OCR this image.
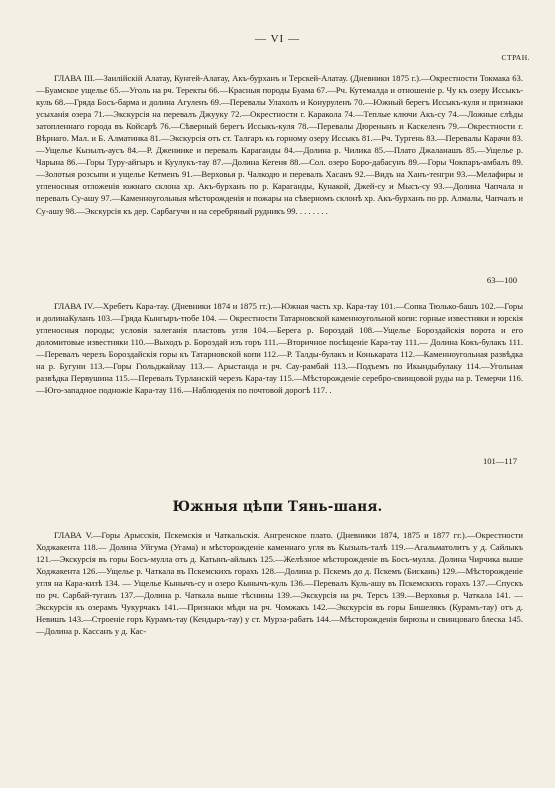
— VI —
СТРАН.
ГЛАВА III.—Заилійскій Алатау, Кунгей-Алатау, Акъ-бурханъ и Терскей-Алатау. (Дневники 1875 г.).—Окрестности Токмака 63.—Буамское ущелье 65.—Уголь на рч. Теректы 66.—Красныя породы Буама 67.—Рч. Кутемалда и отношеніе р. Чу къ озеру Иссыкъ-куль 68.—Гряда Босъ-барма и долина Агуленъ 69.—Перевалы Улахолъ и Конуруленъ 70.—Южный берегъ Иссыкъ-куля и признаки усыханія озера 71.—Экскурсія на перевалъ Джууку 72.—Окрестности г. Каракола 74.—Теплые ключи Акъ-су 74.—Ложные слѣды затопленнаго города въ Койсарѣ 76.—Сѣверный берегъ Иссыкъ-куля 78.—Перевалы Дюренынъ и Каскеленъ 79.—Окрестности г. Вѣрнаго. Мал. и Б. Алматинка 81.—Экскурсія отъ ст. Талгаръ къ горному озеру Иссыкъ 81.—Рч. Тургень 83.—Перевалы Карачи 83.—Ущелье Кызылъ-аусъ 84.—Р. Джениике и перевалъ Караганды 84.—Долина р. Чилика 85.—Плато Джаланашъ 85.—Ущелье р. Чарына 86.—Горы Туру-айгыръ и Куулукъ-тау 87.—Долина Кегеня 88.—Сол. озеро Боро-дабасунъ 89.—Горы Чокпаръ-амбалъ 89.—Золотыя розсыпи и ущелье Кетменъ 91.—Верховья р. Чалкодю и перевалъ Хасанъ 92.—Видъ на Ханъ-тенгри 93.—Мелафиры и угленосныя отложенія южнаго склона хр. Акъ-бурханъ по р. Караганды, Кунакой, Джей-су и Мысъ-су 93.—Долина Чапчала и перевалъ Су-ашу 97.—Каменноугольныя мѣсторожденія и пожары на сѣверномъ склонѣ хр. Акъ-бурханъ по рр. Алмалы, Чапчалъ и Су-ашу 98.—Экскурсія къ дер. Сарбагучи и на серебряный рудникъ 99. . . . . . . .
63—100
ГЛАВА IV.—Хребетъ Кара-тау. (Дневники 1874 и 1875 гг.).—Южная часть хр. Кара-тау 101.—Сопка Тюлько-башъ 102.—Горы и долинаКуланъ 103.—Гряда Кынгыръ-тюбе 104. — Окрестности Татарновской каменноугольной копи: горные известняки и юрскія угленосныя породы; условія залеганія пластовъ угля 104.—Берега р. Бороздай 108.—Ущелье Бороздайскія ворота и его доломитовые известняки 110.—Выходъ р. Бороздай изъ горъ 111.—Вторичное посѣщеніе Кара-тау 111.— Долина Кокъ-булакъ 111.—Перевалъ черезъ Бороздайскія горы къ Татарновской копи 112.—Р. Талды-булакъ и Конькарата 112.—Каменноугольная развѣдка на р. Бугуни 113.—Горы Гюльджайлау 113.— Арыстанда и рч. Сау-рамбай 113.—Подъемъ по Икындыбулаку 114.—Угольная развѣдка Первушина 115.—Перевалъ Турланскій черезъ Кара-тау 115.—Мѣсторожденіе серебро-свинцовой руды на р. Темерчи 116.—Юго-западное подножіе Кара-тау 116.—Наблюденія по почтовой дорогѣ 117. .
101—117
Южныя цѣпи Тянь-шаня.
ГЛАВА V.—Горы Арысскія, Пскемскія и Чаткальскія. Ангренское плато. (Дневники 1874, 1875 и 1877 гг.).—Окрестности Ходжакента 118.— Долина Уйгума (Угама) и мѣсторожденіе каменнаго угля въ Кызылъ-талѣ 119.—Агальматолитъ у д. Сайлыкъ 121.—Экскурсія въ горы Босъ-мулла отъ д. Катынъ-айлыкъ 125.—Желѣзное мѣсторожденіе въ Босъ-мулла. Долина Чирчика выше Ходжакента 126.—Ущелье р. Чаткала въ Пскемскихъ горахъ 128.—Долина р. Пскемъ до д. Пскемъ (Бискань) 129.—Мѣсторожденіе угля на Кара-кизѣ 134. — Ущелье Кынычъ-су и озеро Кынычъ-куль 136.—Перевалъ Куль-ашу въ Пскемскихъ горахъ 137.—Спускъ по рч. Сарбай-туганъ 137.—Долина р. Чаткала выше тѣснины 139.—Экскурсія на рч. Терсъ 139.—Верховья р. Чаткала 141. — Экскурсія къ озерамъ Чукурчакъ 141.—Признаки мѣди на рч. Чомжакъ 142.—Экскурсія въ горы Бишелякъ (Курамъ-тау) отъ д. Невишъ 143.—Строеніе горъ Курамъ-тау (Кендыръ-тау) у ст. Мурза-рабатъ 144.—Мѣсторожденія бирюзы и свинцоваго блеска 145.—Долина р. Кассанъ у д. Кас-
